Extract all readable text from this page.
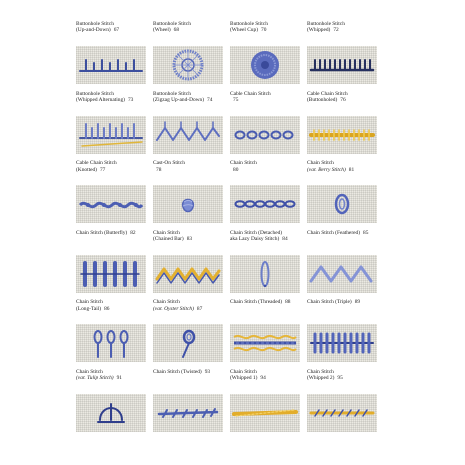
Buttonhole Stitch
(Up-and-Down) 67
Buttonhole Stitch
(Wheel) 68
Buttonhole Stitch
(Wheel Cup) 70
Buttonhole Stitch
(Whipped) 72
Buttonhole Stitch
(Whipped Alternating) 73
Buttonhole Stitch
(Zigzag Up-and-Down) 74
Cable Chain Stitch
75
Cable Chain Stitch
(Buttonholed) 76
Cable Chain Stitch
(Knotted) 77
Cast-On Stitch
78
Chain Stitch
80
Chain Stitch
(var. Berry Stitch) 81
Chain Stitch (Butterfly) 82	Chain Stitch
(Chained Bar) 83
Chain Stitch (Detached)
aka Lazy Daisy Stitch) 84
Chain Stitch (Feathered) 85
Chain Stitch
(Long-Tail) 86
Chain Stitch
(var. Oyster Stitch) 87
Chain Stitch (Threaded) 88	Chain Stitch (Triple) 89
Chain Stitch
(var. Tulip Stitch) 91
Chain Stitch (Twisted) 93	Chain Stitch
(Whipped 1) 94
Chain Stitch
(Whipped 2) 95
